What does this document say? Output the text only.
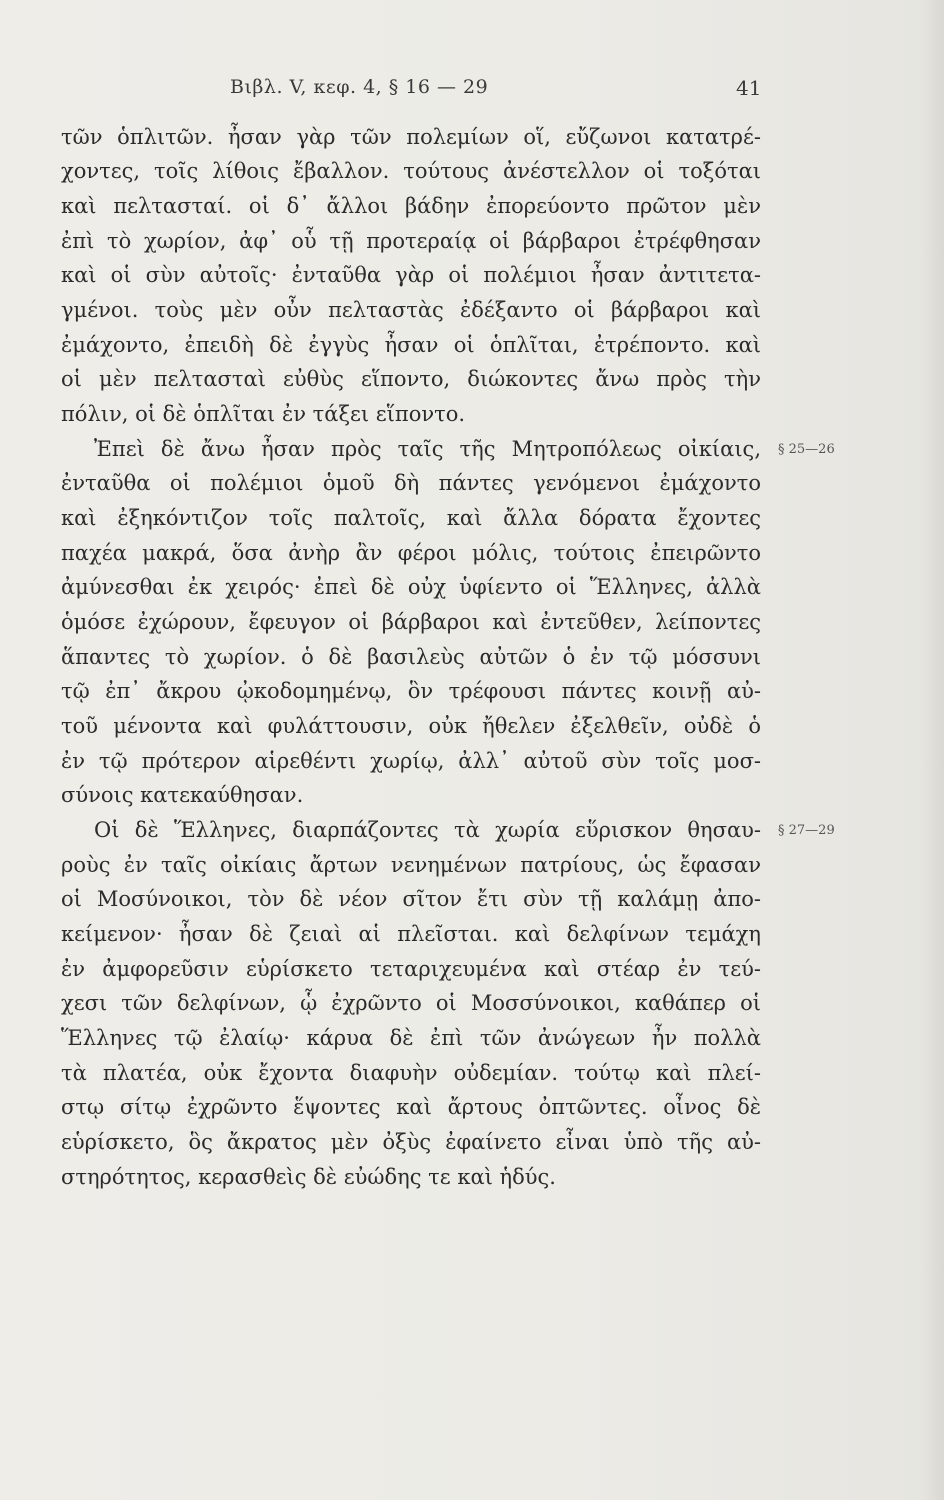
Βιβλ. V, κεφ. 4, § 16 — 29	41
τῶν ὁπλιτῶν. ἦσαν γὰρ τῶν πολεμίων οἵ, εὔζωνοι κατατρέ-
χοντες, τοῖς λίθοις ἔβαλλον. τούτους ἀνέστελλον οἱ τοξόται
καὶ πελτασταί. οἱ δ᾽ ἄλλοι βάδην ἐπορεύοντο πρῶτον μὲν
ἐπὶ τὸ χωρίον, ἀφ᾽ οὗ τῇ προτεραίᾳ οἱ βάρβαροι ἐτρέφθησαν
καὶ οἱ σὺν αὐτοῖς· ἐνταῦθα γὰρ οἱ πολέμιοι ἦσαν ἀντιτετα-
γμένοι. τοὺς μὲν οὖν πελταστὰς ἐδέξαντο οἱ βάρβαροι καὶ
ἐμάχοντο, ἐπειδὴ δὲ ἐγγὺς ἦσαν οἱ ὁπλῖται, ἐτρέποντο. καὶ
οἱ μὲν πελτασταὶ εὐθὺς εἵποντο, διώκοντες ἄνω πρὸς τὴν
πόλιν, οἱ δὲ ὁπλῖται ἐν τάξει εἵποντο.
Ἐπεὶ δὲ ἄνω ἦσαν πρὸς ταῖς τῆς Μητροπόλεως οἰκίαις, § 25—26
ἐνταῦθα οἱ πολέμιοι ὁμοῦ δὴ πάντες γενόμενοι ἐμάχοντο
καὶ ἐξηκόντιζον τοῖς παλτοῖς, καὶ ἄλλα δόρατα ἔχοντες
παχέα μακρά, ὅσα ἀνὴρ ἂν φέροι μόλις, τούτοις ἐπειρῶντο
ἀμύνεσθαι ἐκ χειρός· ἐπεὶ δὲ οὐχ ὑφίεντο οἱ Ἕλληνες, ἀλλὰ
ὁμόσε ἐχώρουν, ἔφευγον οἱ βάρβαροι καὶ ἐντεῦθεν, λείποντες
ἅπαντες τὸ χωρίον. ὁ δὲ βασιλεὺς αὐτῶν ὁ ἐν τῷ μόσσυνι
τῷ ἐπ᾽ ἄκρου ᾠκοδομημένῳ, ὃν τρέφουσι πάντες κοινῇ αὐ-
τοῦ μένοντα καὶ φυλάττουσιν, οὐκ ἤθελεν ἐξελθεῖν, οὐδὲ ὁ
ἐν τῷ πρότερον αἱρεθέντι χωρίῳ, ἀλλ᾽ αὐτοῦ σὺν τοῖς μοσ-
σύνοις κατεκαύθησαν.
Οἱ δὲ Ἕλληνες, διαρπάζοντες τὰ χωρία εὕρισκον θησαυ- § 27—29
ροὺς ἐν ταῖς οἰκίαις ἄρτων νενημένων πατρίους, ὡς ἔφασαν
οἱ Μοσύνοικοι, τὸν δὲ νέον σῖτον ἔτι σὺν τῇ καλάμῃ ἀπο-
κείμενον· ἦσαν δὲ ζειαὶ αἱ πλεῖσται. καὶ δελφίνων τεμάχη
ἐν ἀμφορεῦσιν εὑρίσκετο τεταριχευμένα καὶ στέαρ ἐν τεύ-
χεσι τῶν δελφίνων, ᾧ ἐχρῶντο οἱ Μοσσύνοικοι, καθάπερ οἱ
Ἕλληνες τῷ ἐλαίῳ· κάρυα δὲ ἐπὶ τῶν ἀνώγεων ἦν πολλὰ
τὰ πλατέα, οὐκ ἔχοντα διαφυὴν οὐδεμίαν. τούτῳ καὶ πλεί-
στῳ σίτῳ ἐχρῶντο ἕψοντες καὶ ἄρτους ὀπτῶντες. οἶνος δὲ
εὑρίσκετο, ὃς ἄκρατος μὲν ὀξὺς ἐφαίνετο εἶναι ὑπὸ τῆς αὐ-
στηρότητος, κερασθεὶς δὲ εὐώδης τε καὶ ἡδύς.
